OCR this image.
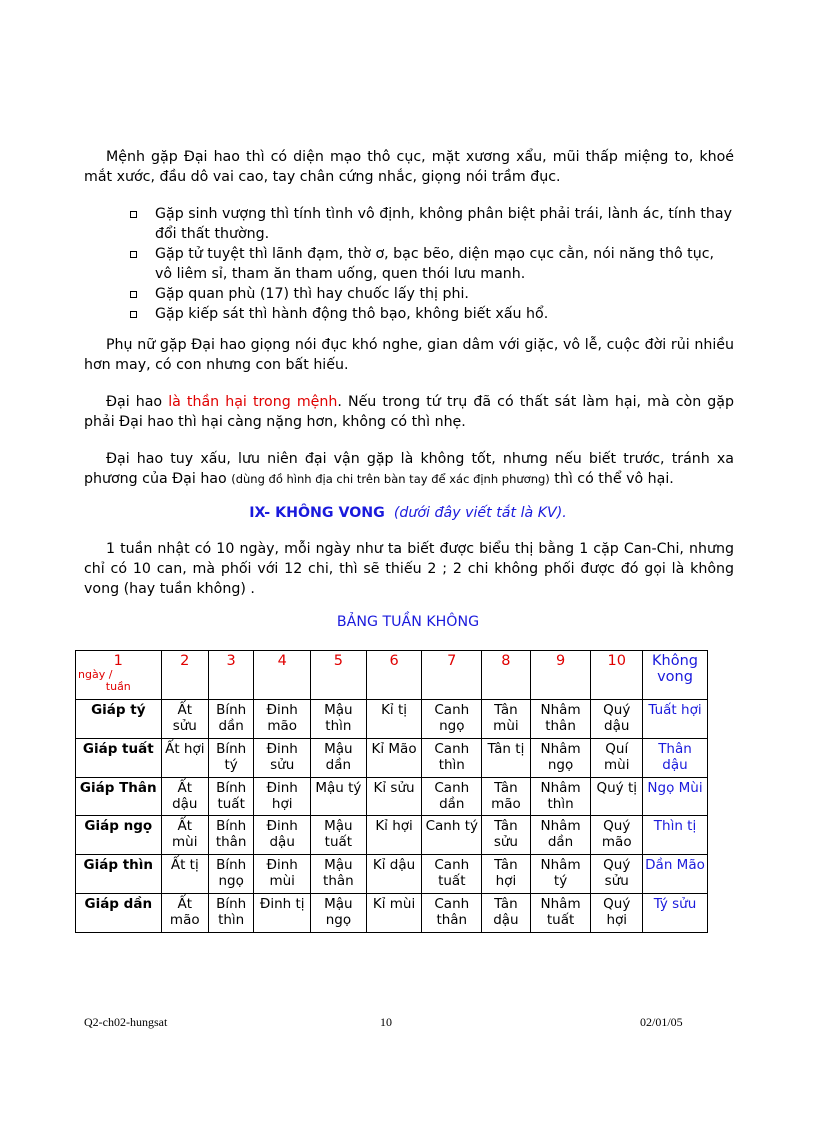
Mệnh gặp Đại hao thì có diện mạo thô cục, mặt xương xẩu, mũi thấp miệng to, khoé mắt xước, đầu dô vai cao, tay chân cứng nhắc, giọng nói trầm đục.

Gặp sinh vượng thì tính tình vô định, không phân biệt phải trái, lành ác, tính thay đổi thất thường.
Gặp tử tuyệt thì lãnh đạm, thờ ơ, bạc bẽo, diện mạo cục cằn, nói năng thô tục, vô liêm sỉ, tham ăn tham uống, quen thói lưu manh.
Gặp quan phù (17) thì hay chuốc lấy thị phi.
Gặp kiếp sát thì hành động thô bạo, không biết xấu hổ.

Phụ nữ gặp Đại hao giọng nói đục khó nghe, gian dâm với giặc, vô lễ, cuộc đời rủi nhiều hơn may, có con nhưng con bất hiếu.

Đại hao là thần hại trong mệnh. Nếu trong tứ trụ đã có thất sát làm hại, mà còn gặp phải Đại hao thì hại càng nặng hơn, không có thì nhẹ.

Đại hao tuy xấu, lưu niên đại vận gặp là không tốt, nhưng nếu biết trước, tránh xa phương của Đại hao (dùng đồ hình địa chi trên bàn tay để xác định phương) thì có thể vô hại.

IX- KHÔNG VONG (dưới đây viết tắt là KV).

1 tuần nhật có 10 ngày, mỗi ngày như ta biết được biểu thị bằng 1 cặp Can-Chi, nhưng chỉ có 10 can, mà phối với 12 chi, thì sẽ thiếu 2 ; 2 chi không phối được đó gọi là không vong (hay tuần không) .

BẢNG TUẦN KHÔNG
1
ngày /
tuần	2	3	4	5	6	7	8	9	10	Không vong
Giáp tý	Ất sửu	Bính dần	Đinh mão	Mậu thìn	Kỉ tị	Canh ngọ	Tân mùi	Nhâm thân	Quý dậu	Tuất hợi
Giáp tuất	Ất hợi	Bính tý	Đinh sửu	Mậu dần	Kỉ Mão	Canh thìn	Tân tị	Nhâm ngọ	Quí mùi	Thân dậu
Giáp Thân	Ất dậu	Bính tuất	Đinh hợi	Mậu tý	Kỉ sửu	Canh dần	Tân mão	Nhâm thìn	Quý tị	Ngọ Mùi
Giáp ngọ	Ất mùi	Bính thân	Đinh dậu	Mậu tuất	Kỉ hợi	Canh tý	Tân sửu	Nhâm dần	Quý mão	Thìn tị
Giáp thìn	Ất tị	Bính ngọ	Đinh mùi	Mậu thân	Kỉ dậu	Canh tuất	Tân hợi	Nhâm tý	Quý sửu	Dần Mão
Giáp dần	Ất mão	Bính thìn	Đinh tị	Mậu ngọ	Kỉ mùi	Canh thân	Tân dậu	Nhâm tuất	Quý hợi	Tý sửu
Q2-ch02-hungsat	10	02/01/05
